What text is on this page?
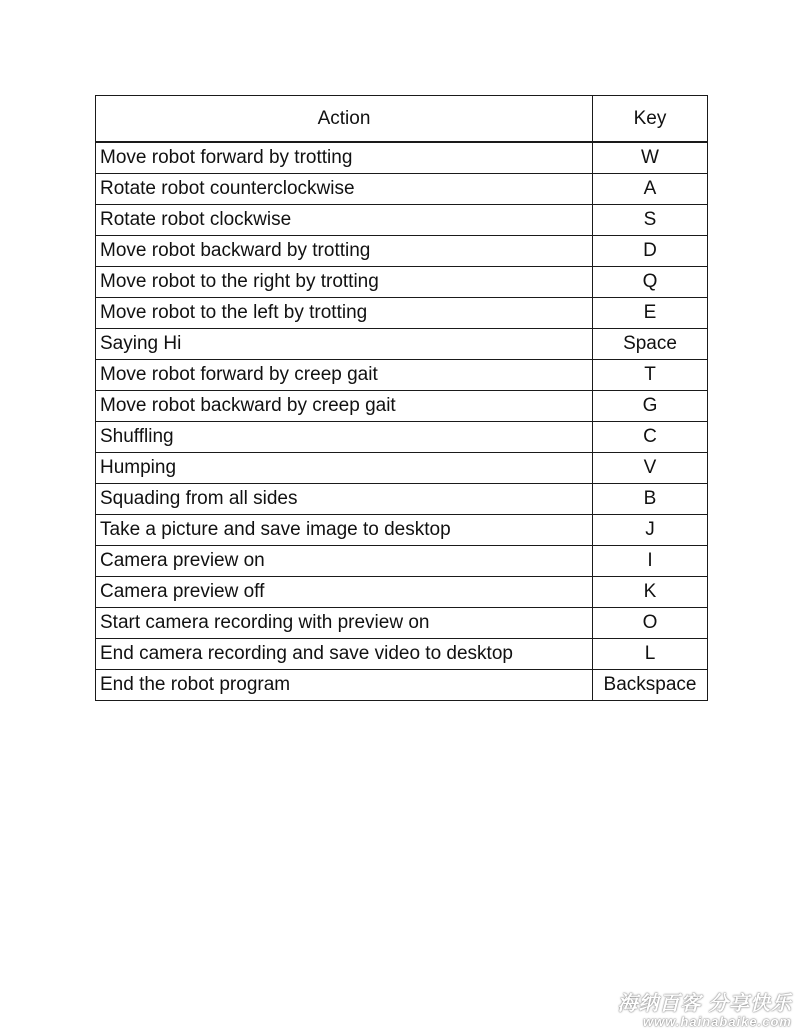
Action	Key
Move robot forward by trotting	W
Rotate robot counterclockwise	A
Rotate robot clockwise	S
Move robot backward by trotting	D
Move robot to the right by trotting	Q
Move robot to the left by trotting	E
Saying Hi	Space
Move robot forward by creep gait	T
Move robot backward by creep gait	G
Shuffling	C
Humping	V
Squading from all sides	B
Take a picture and save image to desktop	J
Camera preview on	I
Camera preview off	K
Start camera recording with preview on	O
End camera recording and save video to desktop	L
End the robot program	Backspace
海纳百客 分享快乐
www.hainabaike.com
